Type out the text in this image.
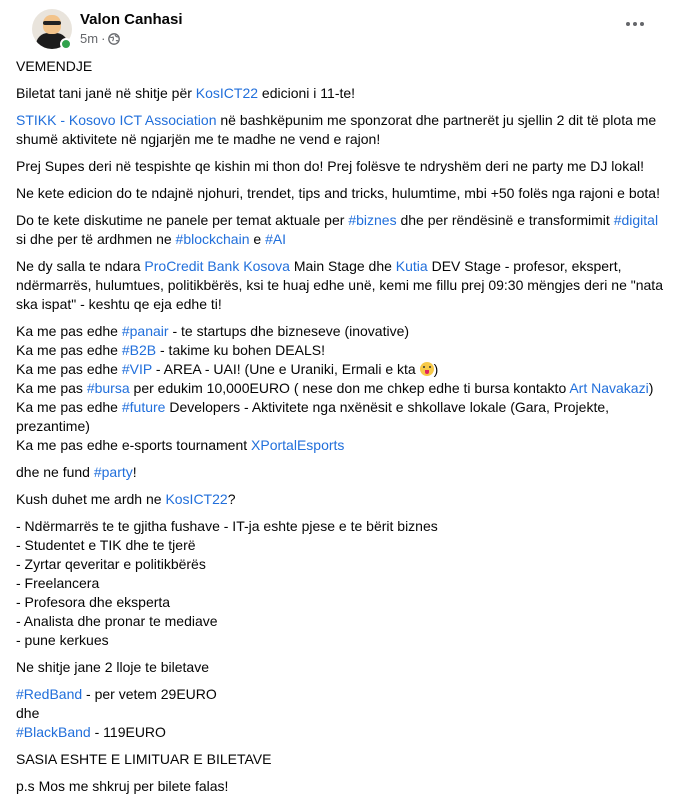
Valon Canhasi
5m ·

VEMENDJE

Biletat tani janë në shitje për KosICT22 edicioni i 11-te!

STIKK - Kosovo ICT Association në bashkëpunim me sponzorat dhe partnerët ju sjellin 2 dit të plota me shumë aktivitete në ngjarjën me te madhe ne vend e rajon!

Prej Supes deri në tespishte qe kishin mi thon do! Prej folësve te ndryshëm deri ne party me DJ lokal!

Ne kete edicion do te ndajnë njohuri, trendet, tips and tricks, hulumtime, mbi +50 folës nga rajoni e bota!

Do te kete diskutime ne panele per temat aktuale per #biznes dhe per rëndësinë e transformimit #digital si dhe per të ardhmen ne #blockchain e #AI

Ne dy salla te ndara ProCredit Bank Kosova Main Stage dhe Kutia DEV Stage - profesor, ekspert, ndërmarrës, hulumtues, politikbërës, ksi te huaj edhe unë, kemi me fillu prej 09:30 mëngjes deri ne "nata ska ispat" - keshtu qe eja edhe ti!

Ka me pas edhe #panair - te startups dhe bizneseve (inovative)
Ka me pas edhe #B2B - takime ku bohen DEALS!
Ka me pas edhe #VIP - AREA - UAI! (Une e Uraniki, Ermali e kta )
Ka me pas #bursa per edukim 10,000EURO ( nese don me chkep edhe ti bursa kontakto Art Navakazi)
Ka me pas edhe #future Developers - Aktivitete nga nxënësit e shkollave lokale (Gara, Projekte, prezantime)
Ka me pas edhe e-sports tournament XPortalEsports

dhe ne fund #party!

Kush duhet me ardh ne KosICT22?

- Ndërmarrës te te gjitha fushave - IT-ja eshte pjese e te bërit biznes
- Studentet e TIK dhe te tjerë
- Zyrtar qeveritar e politikbërës
- Freelancera
- Profesora dhe eksperta
- Analista dhe pronar te mediave
- pune kerkues

Ne shitje jane 2 lloje te biletave

#RedBand - per vetem 29EURO
dhe
#BlackBand - 119EURO

SASIA ESHTE E LIMITUAR E BILETAVE

p.s Mos me shkruj per bilete falas!
